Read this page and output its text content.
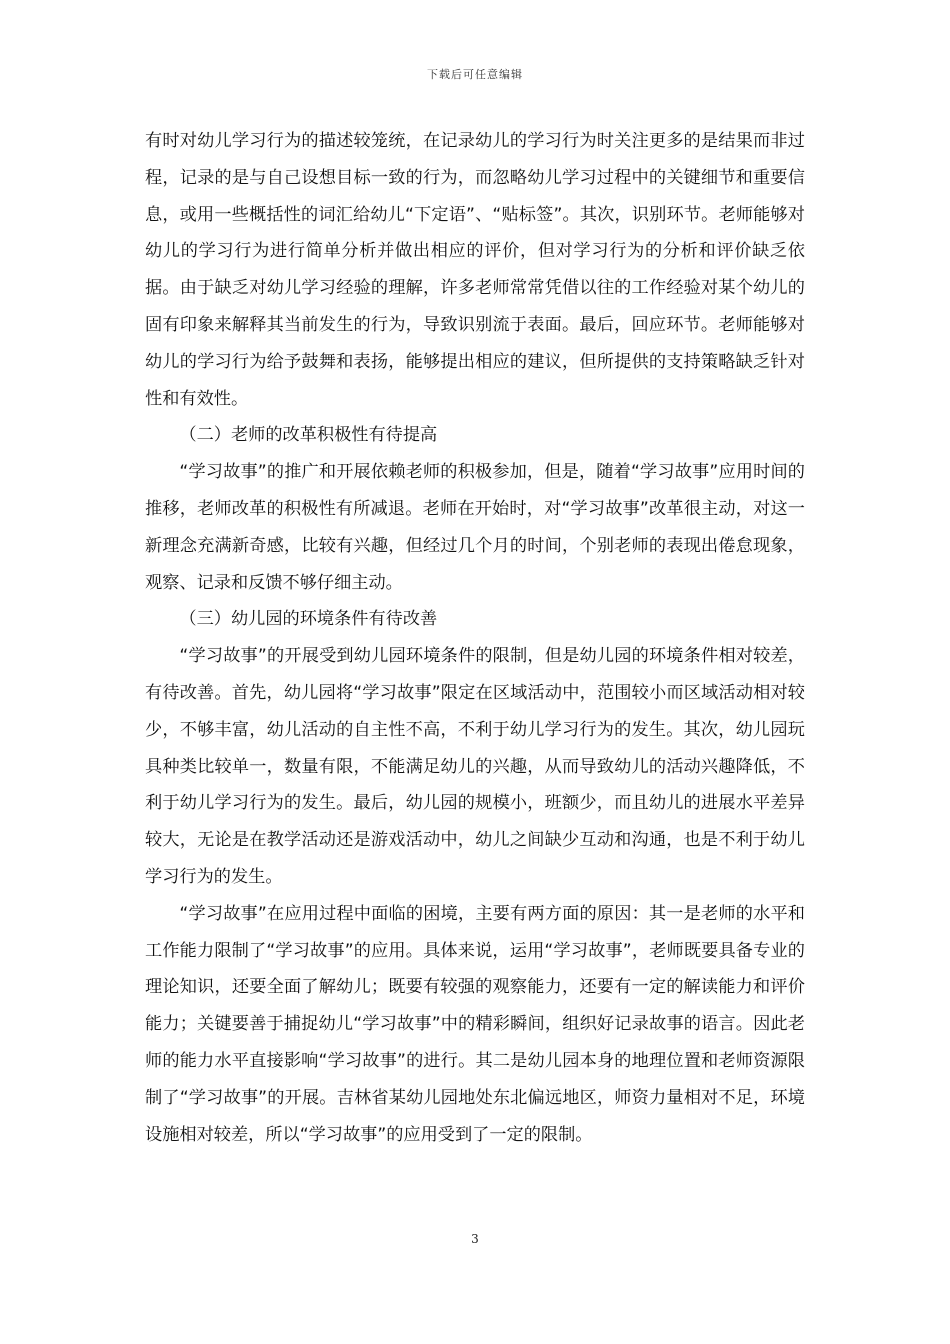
下载后可任意编辑

有时对幼儿学习行为的描述较笼统，在记录幼儿的学习行为时关注更多的是结果而非过程，记录的是与自己设想目标一致的行为，而忽略幼儿学习过程中的关键细节和重要信息，或用一些概括性的词汇给幼儿“下定语”、“贴标签”。其次，识别环节。老师能够对幼儿的学习行为进行简单分析并做出相应的评价，但对学习行为的分析和评价缺乏依据。由于缺乏对幼儿学习经验的理解，许多老师常常凭借以往的工作经验对某个幼儿的固有印象来解释其当前发生的行为，导致识别流于表面。最后，回应环节。老师能够对幼儿的学习行为给予鼓舞和表扬，能够提出相应的建议，但所提供的支持策略缺乏针对性和有效性。

（二）老师的改革积极性有待提高

“学习故事”的推广和开展依赖老师的积极参加，但是，随着“学习故事”应用时间的推移，老师改革的积极性有所减退。老师在开始时，对“学习故事”改革很主动，对这一新理念充满新奇感，比较有兴趣，但经过几个月的时间，个别老师的表现出倦怠现象，观察、记录和反馈不够仔细主动。

（三）幼儿园的环境条件有待改善

“学习故事”的开展受到幼儿园环境条件的限制，但是幼儿园的环境条件相对较差，有待改善。首先，幼儿园将“学习故事”限定在区域活动中，范围较小而区域活动相对较少，不够丰富，幼儿活动的自主性不高，不利于幼儿学习行为的发生。其次，幼儿园玩具种类比较单一，数量有限，不能满足幼儿的兴趣，从而导致幼儿的活动兴趣降低，不利于幼儿学习行为的发生。最后，幼儿园的规模小，班额少，而且幼儿的进展水平差异较大，无论是在教学活动还是游戏活动中，幼儿之间缺少互动和沟通，也是不利于幼儿学习行为的发生。

“学习故事”在应用过程中面临的困境，主要有两方面的原因：其一是老师的水平和工作能力限制了“学习故事”的应用。具体来说，运用“学习故事”，老师既要具备专业的理论知识，还要全面了解幼儿；既要有较强的观察能力，还要有一定的解读能力和评价能力；关键要善于捕捉幼儿“学习故事”中的精彩瞬间，组织好记录故事的语言。因此老师的能力水平直接影响“学习故事”的进行。其二是幼儿园本身的地理位置和老师资源限制了“学习故事”的开展。吉林省某幼儿园地处东北偏远地区，师资力量相对不足，环境设施相对较差，所以“学习故事”的应用受到了一定的限制。

3
